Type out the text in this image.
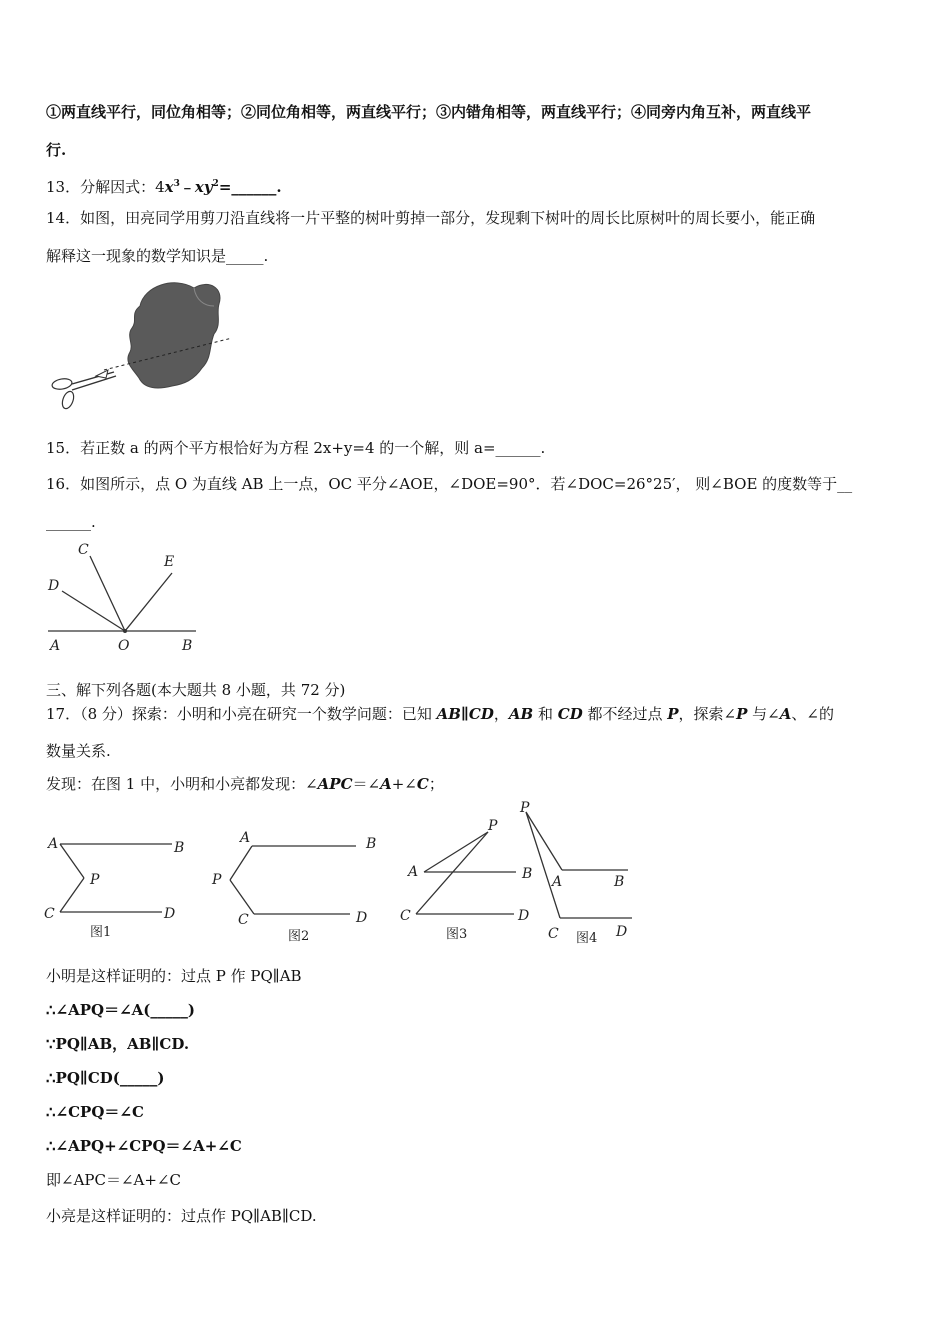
①两直线平行，同位角相等；②同位角相等，两直线平行；③内错角相等，两直线平行；④同旁内角互补，两直线平
行.
13．分解因式：$4x^3﹣xy^2=\_\_\_\_\_\_$.
14．如图，田亮同学用剪刀沿直线将一片平整的树叶剪掉一部分，发现剩下树叶的周长比原树叶的周长要小，能正确
解释这一现象的数学知识是_____.
15．若正数 a 的两个平方根恰好为方程 2x+y=4 的一个解，则 a=______.
16．如图所示，点 O 为直线 AB 上一点，OC 平分∠AOE，∠DOE=90°．若∠DOC=26°25′， 则∠BOE 的度数等于__
______.
C
D
E
A	O	B
三、解下列各题(本大题共 8 小题，共 72 分)
17．（8 分）探索：小明和小亮在研究一个数学问题：已知 AB∥CD，AB 和 CD 都不经过点 P，探索∠P 与∠A、∠的
数量关系.
发现：在图 1 中，小明和小亮都发现：∠APC＝∠A+∠C；
A	B
P
C	D
图1
A	B
P
C	D
图2
P
A	B
C	D
图3
P
A	B
C	D
图4
小明是这样证明的：过点 P 作 PQ∥AB
∴∠APQ＝∠A(_____)
∵PQ∥AB，AB∥CD.
∴PQ∥CD(_____)
∴∠CPQ＝∠C
∴∠APQ+∠CPQ＝∠A+∠C
即∠APC＝∠A+∠C
小亮是这样证明的：过点作 PQ∥AB∥CD.
